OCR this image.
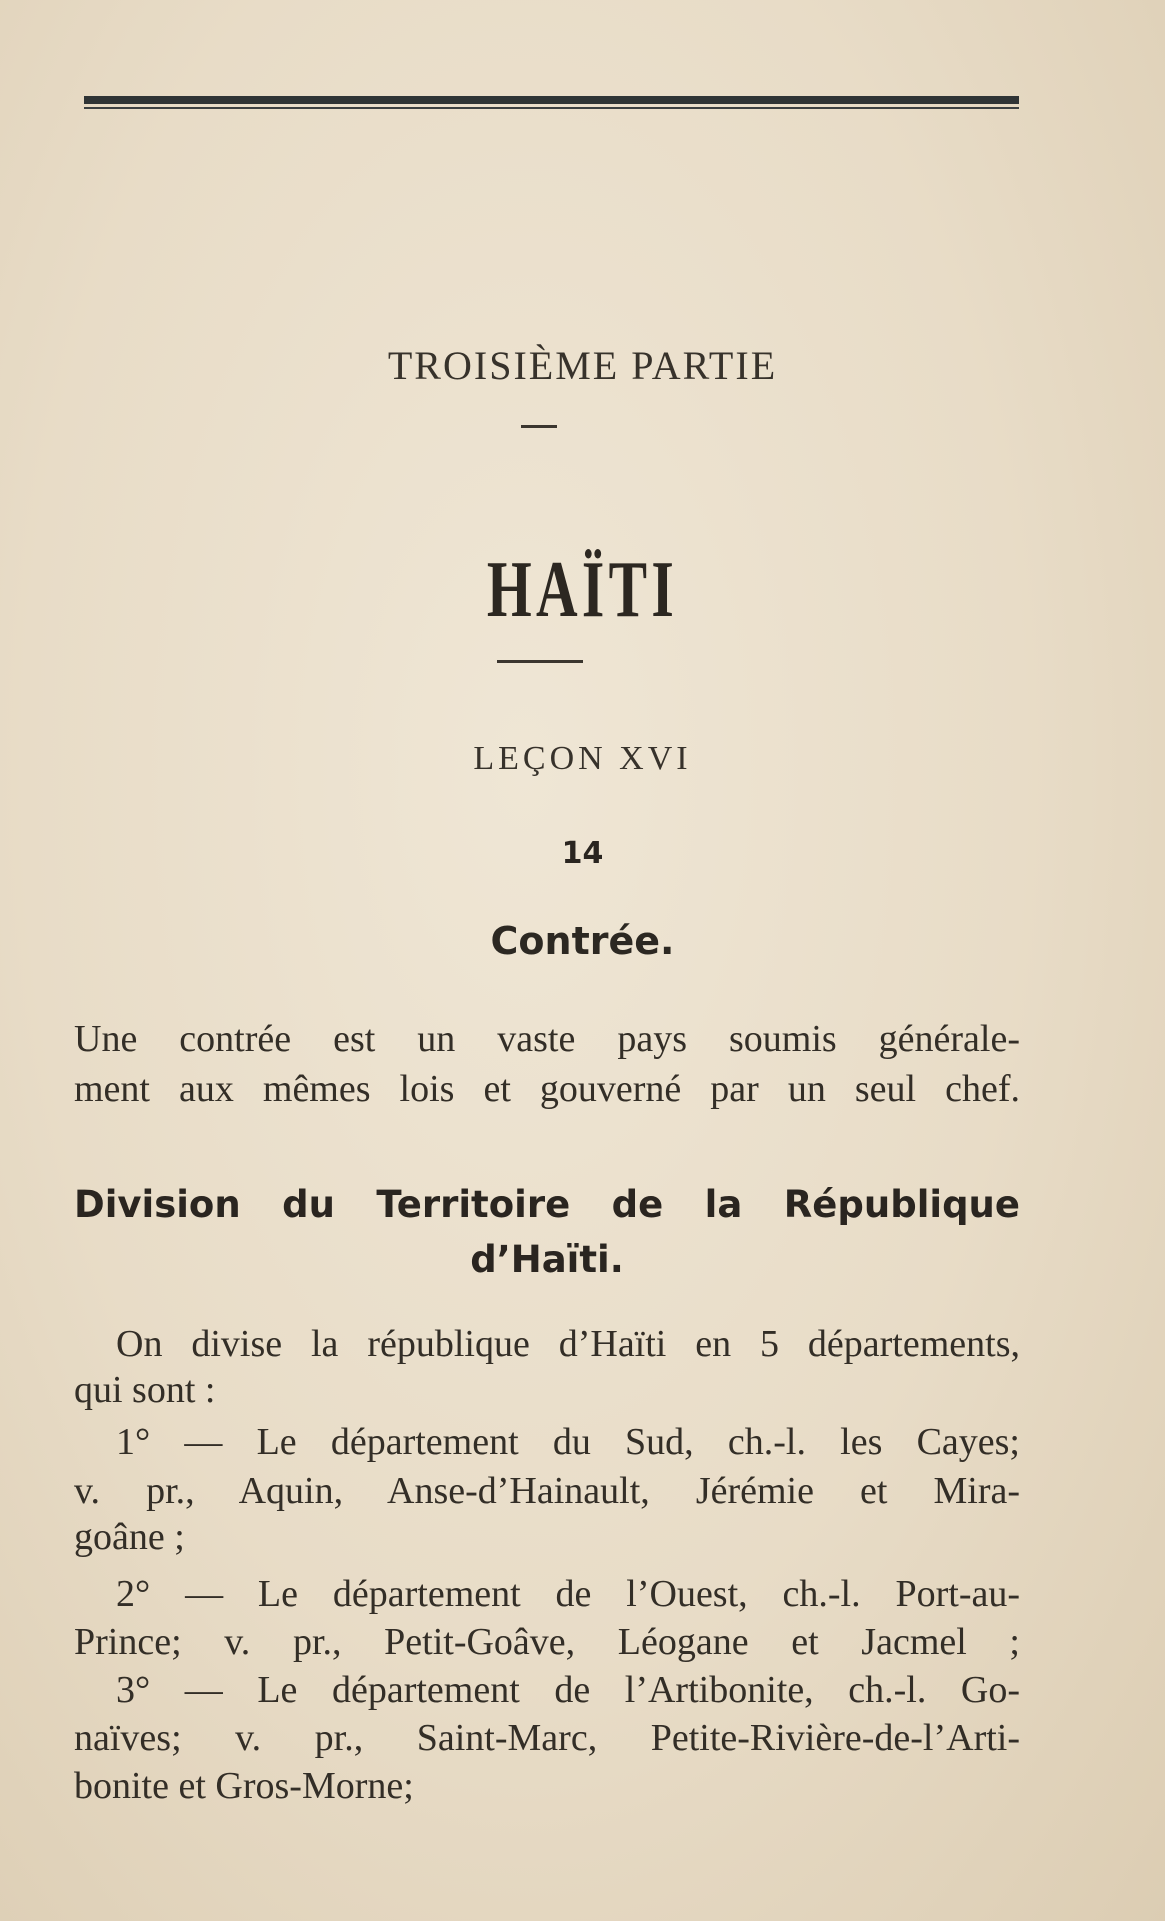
TROISIÈME PARTIE
HAÏTI
LEÇON XVI
14
Contrée.
Une contrée est un vaste pays soumis générale-
ment aux mêmes lois et gouverné par un seul chef.
Division du Territoire de la République
d’Haïti.
On divise la république d’Haïti en 5 départements,
qui sont :
1° — Le département du Sud, ch.-l. les Cayes;
v. pr., Aquin, Anse-d’Hainault, Jérémie et Mira-
goâne ;
2° — Le département de l’Ouest, ch.-l. Port-au-
Prince; v. pr., Petit-Goâve, Léogane et Jacmel ;
3° — Le département de l’Artibonite, ch.-l. Go-
naïves; v. pr., Saint-Marc, Petite-Rivière-de-l’Arti-
bonite et Gros-Morne;
